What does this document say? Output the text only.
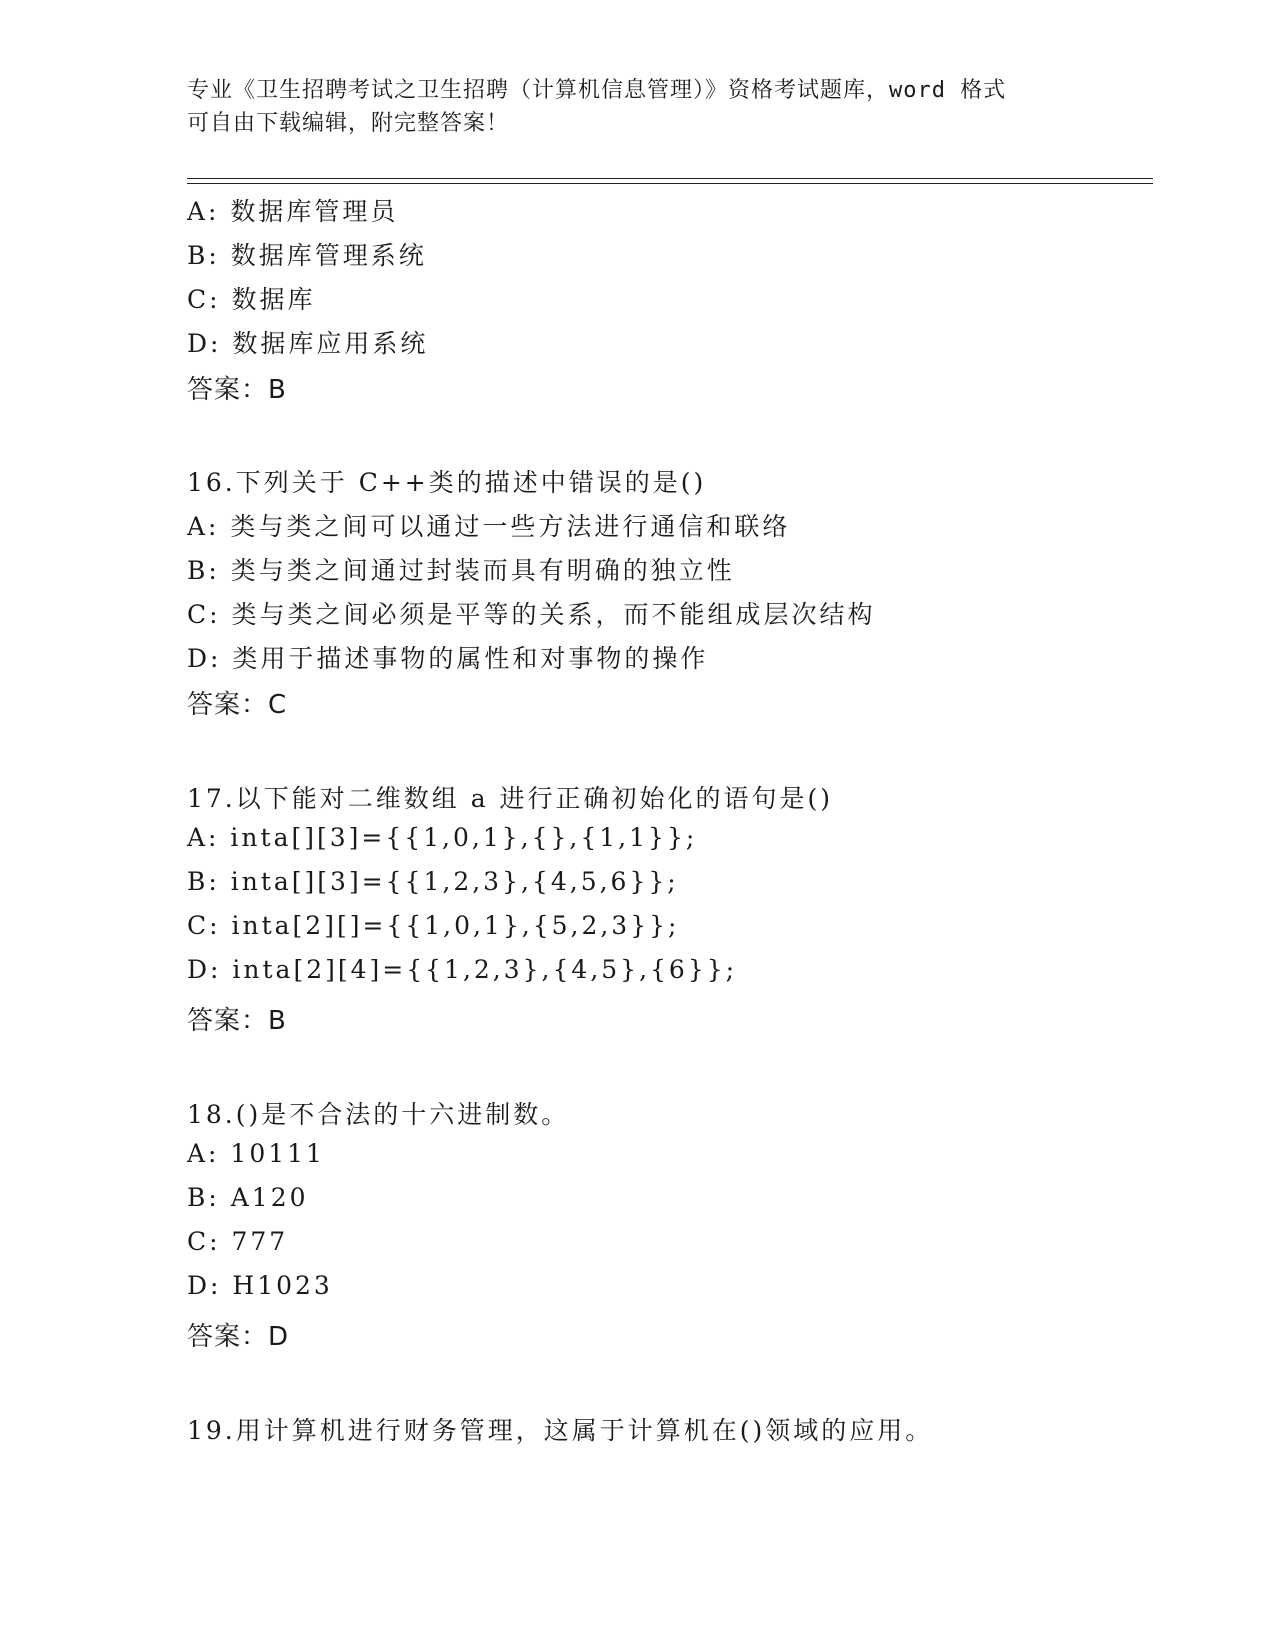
专业《卫生招聘考试之卫生招聘（计算机信息管理）》资格考试题库，word 格式
可自由下载编辑，附完整答案！
A: 数据库管理员
B: 数据库管理系统
C: 数据库
D: 数据库应用系统
答案：B
16.下列关于 C++类的描述中错误的是()
A: 类与类之间可以通过一些方法进行通信和联络
B: 类与类之间通过封装而具有明确的独立性
C: 类与类之间必须是平等的关系，而不能组成层次结构
D: 类用于描述事物的属性和对事物的操作
答案：C
17.以下能对二维数组 a 进行正确初始化的语句是()
A: inta[][3]={{1,0,1},{},{1,1}};
B: inta[][3]={{1,2,3},{4,5,6}};
C: inta[2][]={{1,0,1},{5,2,3}};
D: inta[2][4]={{1,2,3},{4,5},{6}};
答案：B
18.()是不合法的十六进制数。
A: 10111
B: A120
C: 777
D: H1023
答案：D
19.用计算机进行财务管理，这属于计算机在()领域的应用。
